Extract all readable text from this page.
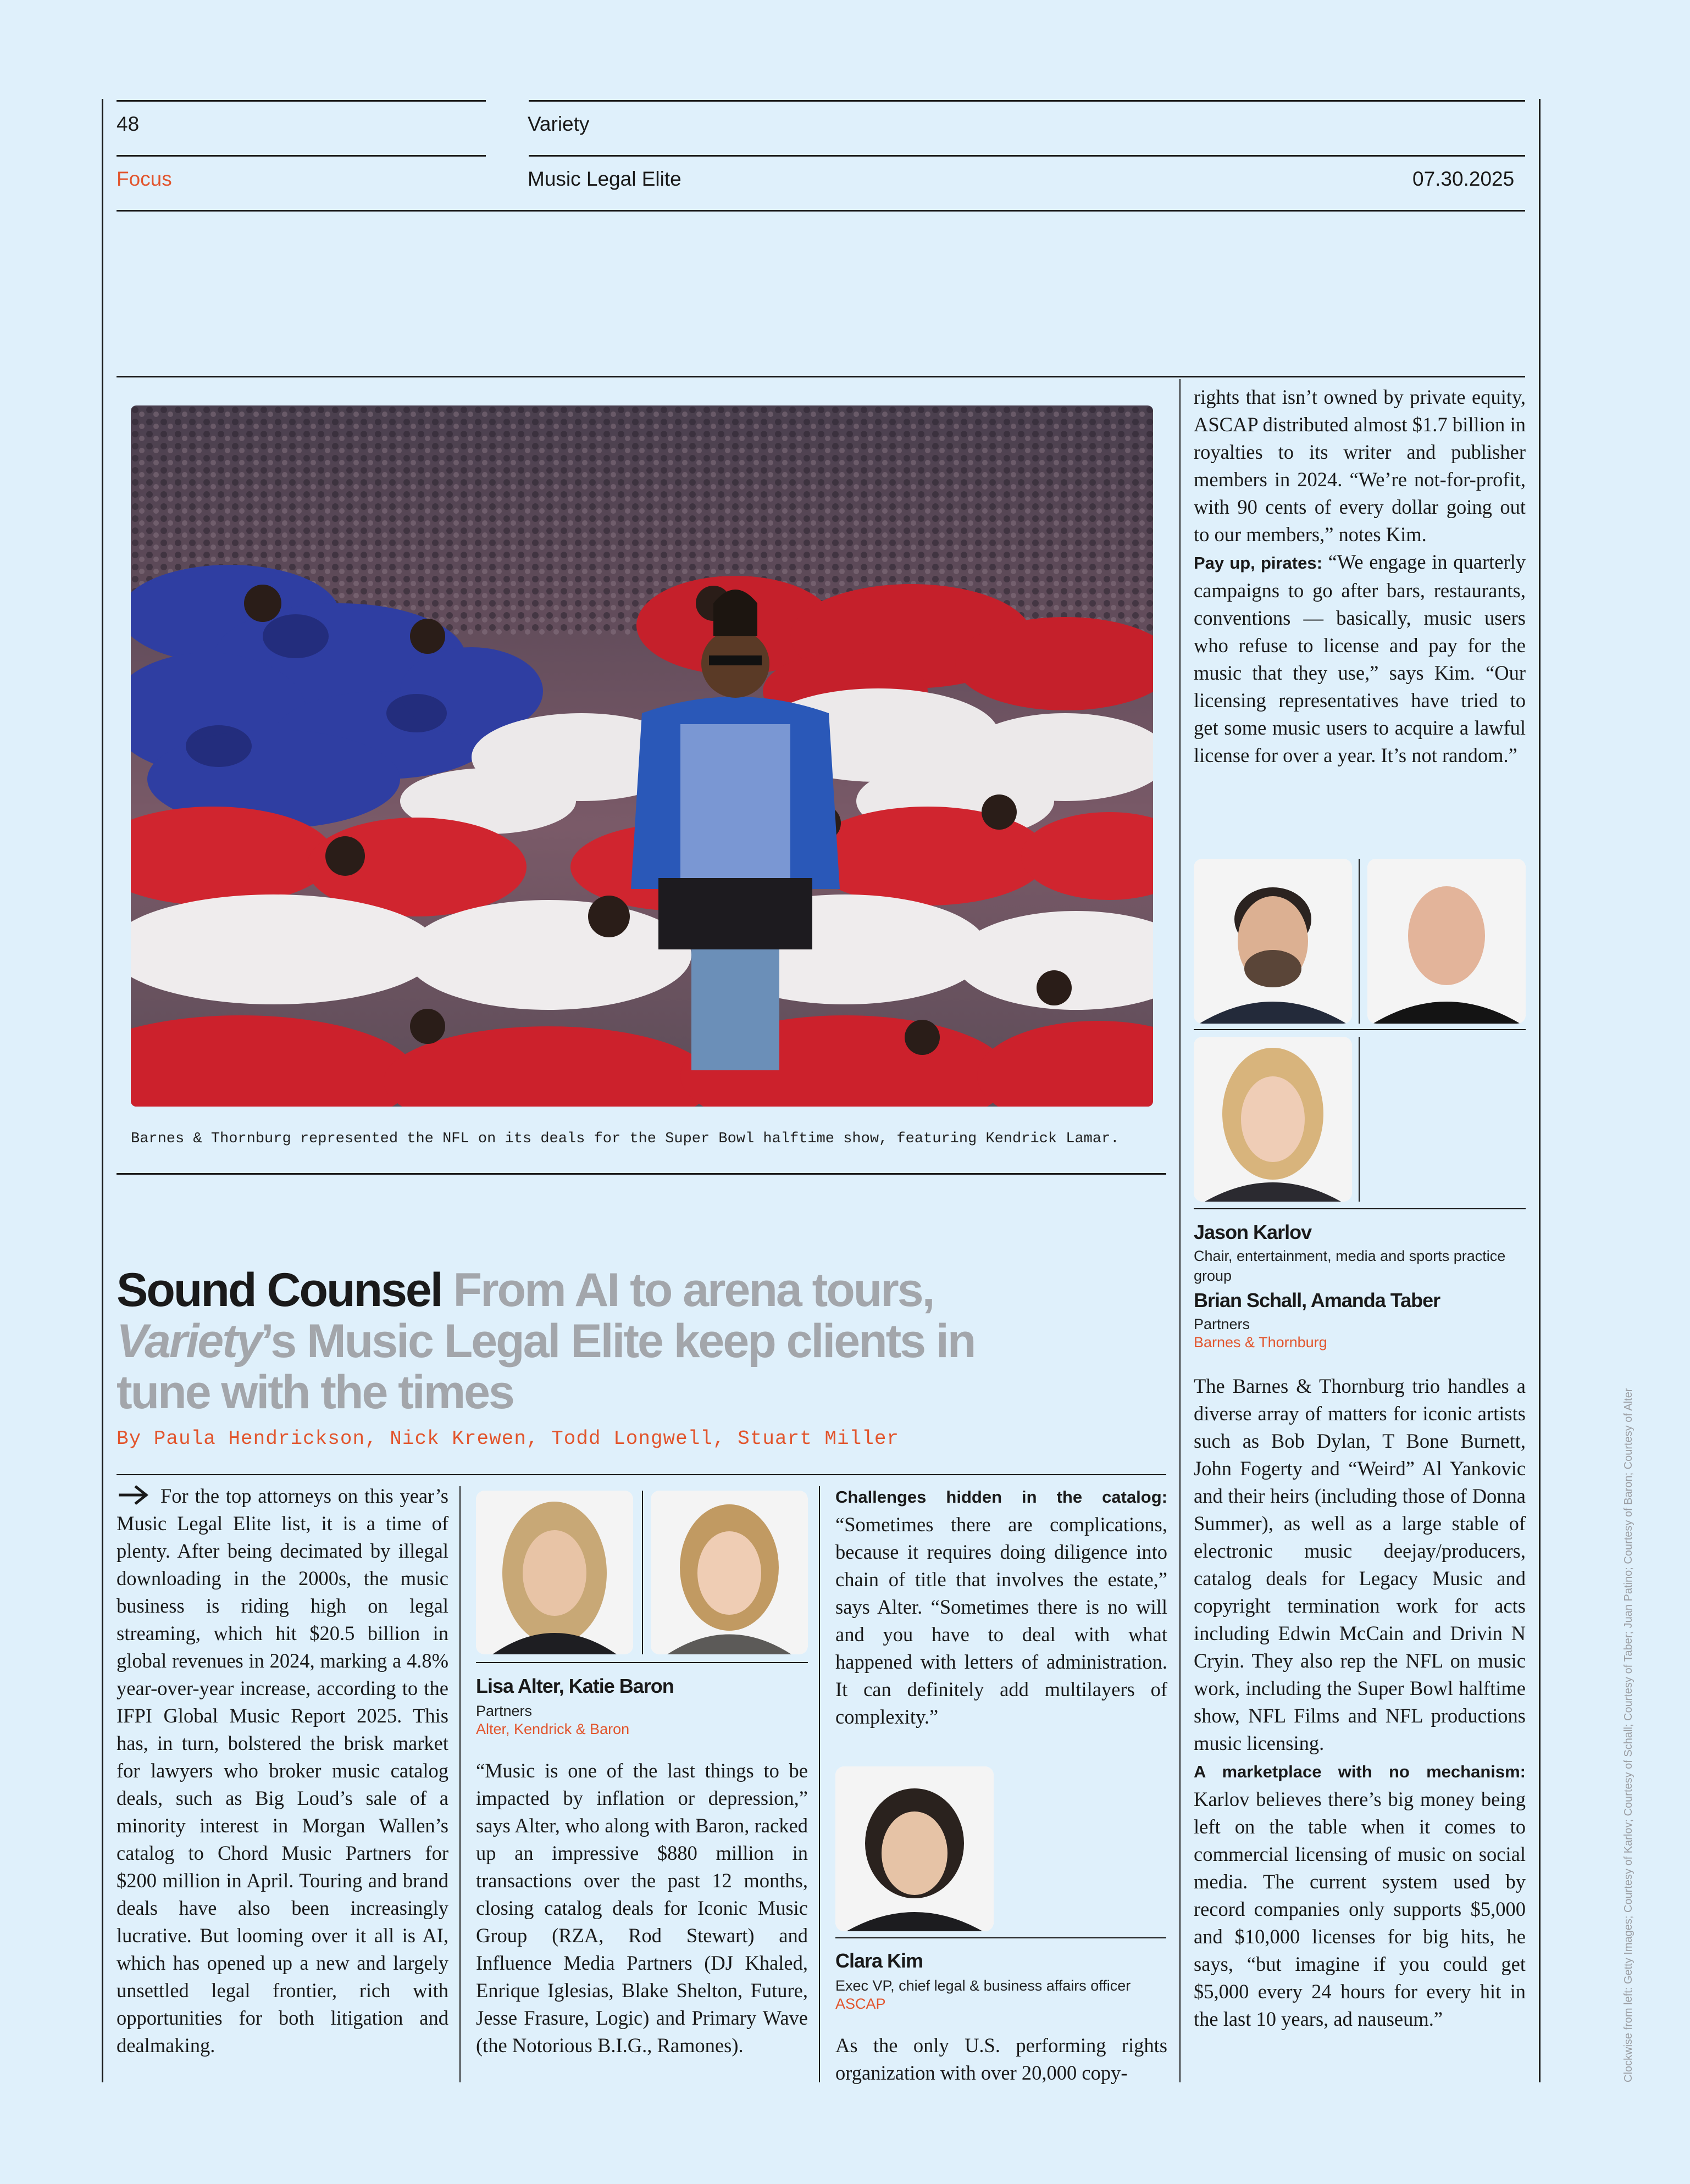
48	Variety
Focus	Music Legal Elite	07.30.2025
Barnes & Thornburg represented the NFL on its deals for the Super Bowl halftime show, featuring Kendrick Lamar.
Sound Counsel From AI to arena tours, Variety’s Music Legal Elite keep clients in tune with the times
By Paula Hendrickson, Nick Krewen, Todd Longwell, Stuart Miller

For the top attorneys on this year’s Music Legal Elite list, it is a time of plenty. After being decimated by illegal downloading in the 2000s, the music business is riding high on legal streaming, which hit $20.5 billion in global revenues in 2024, marking a 4.8% year-over-year increase, according to the IFPI Global Music Report 2025. This has, in turn, bolstered the brisk market for lawyers who broker music catalog deals, such as Big Loud’s sale of a minority interest in Morgan Wallen’s catalog to Chord Music Partners for $200 million in April. Touring and brand deals have also been increasingly lucrative. But looming over it all is AI, which has opened up a new and largely unsettled legal frontier, rich with opportunities for both litigation and dealmaking.

Lisa Alter, Katie Baron
Partners
Alter, Kendrick & Baron

“Music is one of the last things to be impacted by inflation or depression,” says Alter, who along with Baron, racked up an impressive $880 million in transactions over the past 12 months, closing catalog deals for Iconic Music Group (RZA, Rod Stewart) and Influence Media Partners (DJ Khaled, Enrique Iglesias, Blake Shelton, Future, Jesse Frasure, Logic) and Primary Wave (the Notorious B.I.G., Ramones).

Challenges hidden in the catalog: “Sometimes there are complications, because it requires doing diligence into chain of title that involves the estate,” says Alter. “Sometimes there is no will and you have to deal with what happened with letters of administration. It can definitely add multilayers of complexity.”

Clara Kim
Exec VP, chief legal & business affairs officer
ASCAP

As the only U.S. performing rights organization with over 20,000 copy-

rights that isn’t owned by private equity, ASCAP distributed almost $1.7 billion in royalties to its writer and publisher members in 2024. “We’re not-for-profit, with 90 cents of every dollar going out to our members,” notes Kim.

Pay up, pirates: “We engage in quarterly campaigns to go after bars, restaurants, conventions — basically, music users who refuse to license and pay for the music that they use,” says Kim. “Our licensing representatives have tried to get some music users to acquire a lawful license for over a year. It’s not random.”

Jason Karlov
Chair, entertainment, media and sports practice group
Brian Schall, Amanda Taber
Partners
Barnes & Thornburg

The Barnes & Thornburg trio handles a diverse array of matters for iconic artists such as Bob Dylan, T Bone Burnett, John Fogerty and “Weird” Al Yankovic and their heirs (including those of Donna Summer), as well as a large stable of electronic music deejay/producers, catalog deals for Legacy Music and copyright termination work for acts including Edwin McCain and Drivin N Cryin. They also rep the NFL on music work, including the Super Bowl halftime show, NFL Films and NFL productions music licensing.

A marketplace with no mechanism: Karlov believes there’s big money being left on the table when it comes to commercial licensing of music on social media. The current system used by record companies only supports $5,000 and $10,000 licenses for big hits, he says, “but imagine if you could get $5,000 every 24 hours for every hit in the last 10 years, ad nauseum.”	Clockwise from left: Getty Images; Courtesy of Karlov; Courtesy of Schall; Courtesy of Taber; Juan Patino; Courtesy of Baron; Courtesy of Alter
